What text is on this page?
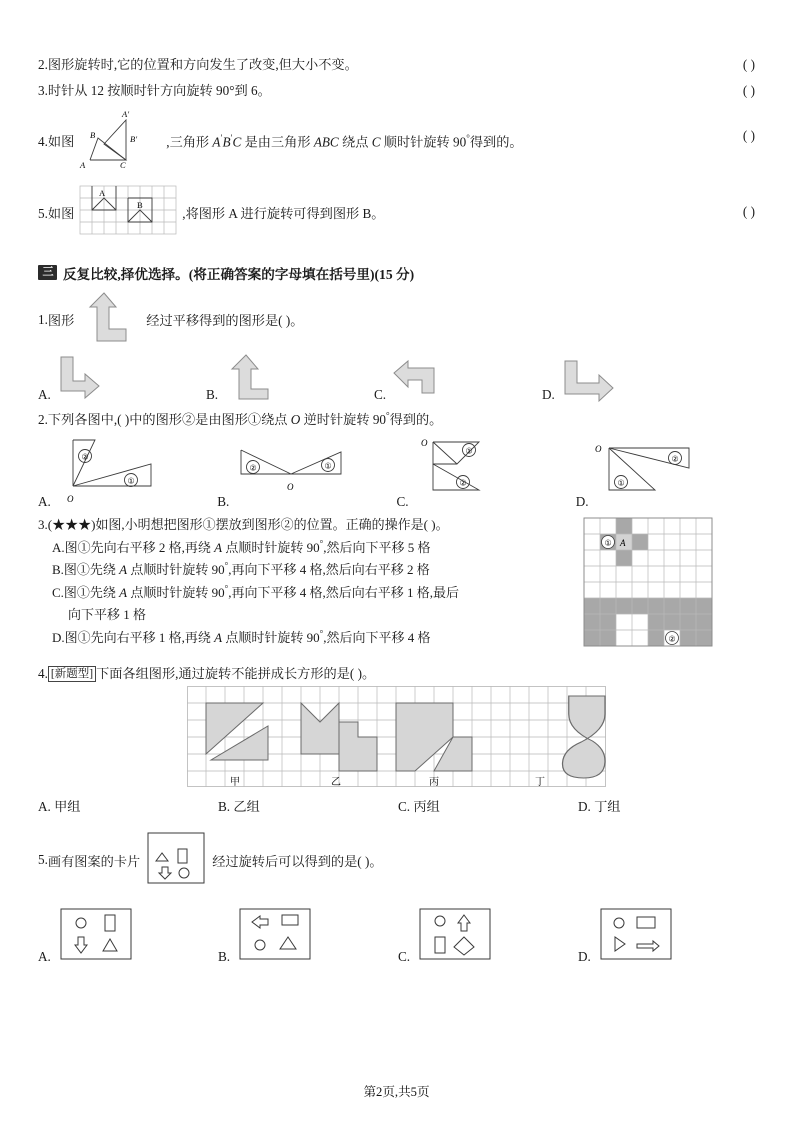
2.图形旋转时,它的位置和方向发生了改变,但大小不变。	( )
3.时针从 12 按顺时针方向旋转 90°到 6。	( )
4. 如图
A′
B	B′
A	C
,三角形 A′B′C 是由三角形 ABC 绕点 C 顺时针旋转 90°得到的。	( )
5. 如图
A
B
,将图形 A 进行旋转可得到图形 B。	( )
三 反复比较,择优选择。(将正确答案的字母填在括号里)(15 分)
1. 图形	经过平移得到的图形是( )。
A.	B.	C.	D.
2.下列各图中,( )中的图形②是由图形①绕点 O 逆时针旋转 90°得到的。
A.
②
①
O	B.
②	①
O
C.
①
②
O
D.
O
②
①
3.(★★★)如图,小明想把图形①摆放到图形②的位置。正确的操作是( )。
A.图①先向右平移 2 格,再绕 A 点顺时针旋转 90°,然后向下平移 5 格
B.图①先绕 A 点顺时针旋转 90°,再向下平移 4 格,然后向右平移 2 格
C.图①先绕 A 点顺时针旋转 90°,再向下平移 4 格,然后向右平移 1 格,最后
向下平移 1 格
D.图①先向右平移 1 格,再绕 A 点顺时针旋转 90°,然后向下平移 4 格
① A
②
4. [新题型] 下面各组图形,通过旋转不能拼成长方形的是( )。
甲	乙	丙	丁
A. 甲组	B. 乙组	C. 丙组	D. 丁组
5. 画有图案的卡片	经过旋转后可以得到的是( )。
A.	B.	C.	D.
第2页,共5页
